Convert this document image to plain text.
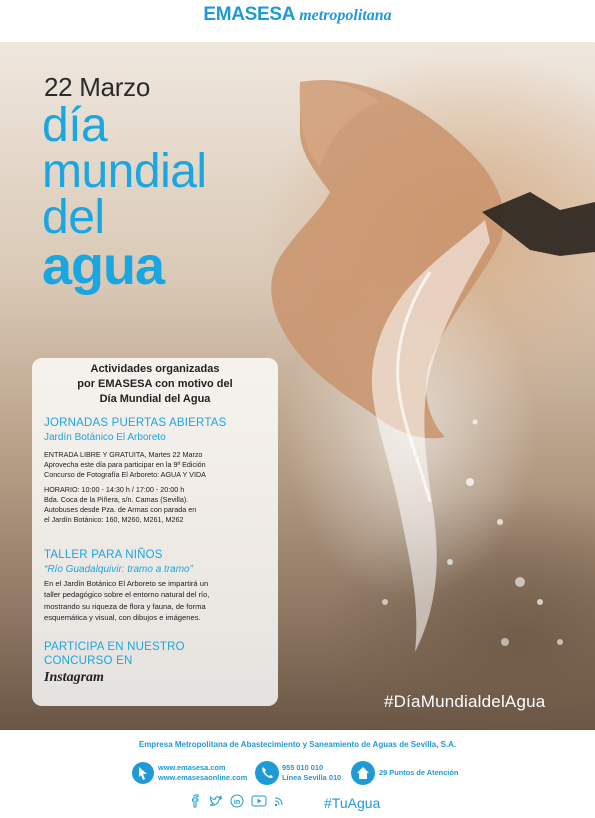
EMASESA metropolitana
22 Marzo
día
mundial
del
agua
Actividades organizadas
por EMASESA con motivo del
Día Mundial del Agua
JORNADAS PUERTAS ABIERTAS
Jardín Botánico El Arboreto
ENTRADA LIBRE Y GRATUITA, Martes 22 Marzo
Aprovecha este día para participar en la 9ª Edición
Concurso de Fotografía El Arboreto: AGUA Y VIDA
HORARIO: 10:00 - 14:30 h / 17:00 - 20:00 h
Bda. Coca de la Piñera, s/n. Camas (Sevilla).
Autobuses desde Pza. de Armas con parada en
el Jardín Botánico: 160, M260, M261, M262
TALLER PARA NIÑOS
“Río Guadalquivir: tramo a tramo”
En el Jardín Botánico El Arboreto se impartirá un
taller pedagógico sobre el entorno natural del río,
mostrando su riqueza de flora y fauna, de forma
esquemática y visual, con dibujos e imágenes.
PARTICIPA EN NUESTRO
CONCURSO EN
Instagram
#DíaMundialdelAgua
Empresa Metropolitana de Abastecimiento y Saneamiento de Aguas de Sevilla, S.A.
www.emasesa.com
www.emasesaonline.com
955 010 010
Línea Sevilla 010	29 Puntos de Atención
in	#TuAgua
